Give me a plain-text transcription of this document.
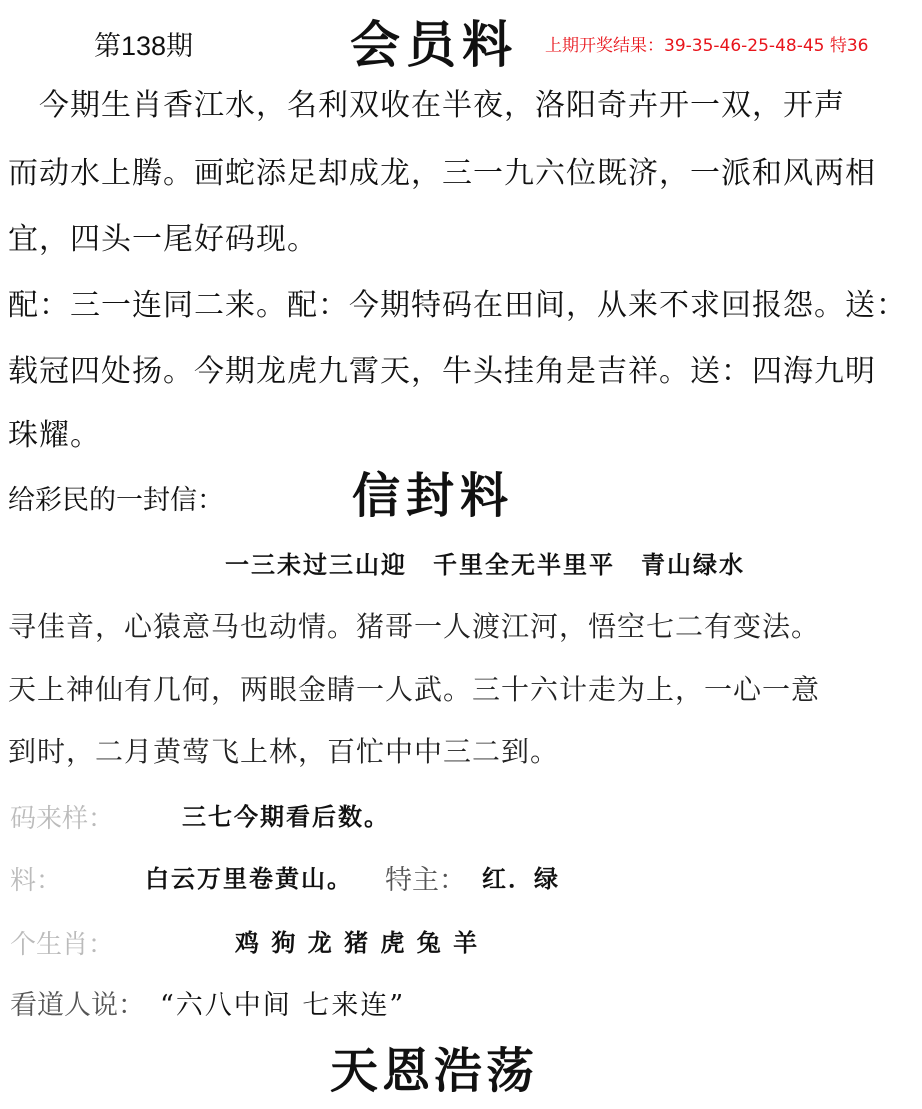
第138期	会员料 上期开奖结果：39-35-46-25-48-45 特36
　今期生肖香江水，名利双收在半夜，洛阳奇卉开一双，开声
而动水上腾。画蛇添足却成龙，三一九六位既济，一派和风两相
宜，四头一尾好码现。
配：三一连同二来。配：今期特码在田间，从来不求回报怨。送：
载冠四处扬。今期龙虎九霄天，牛头挂角是吉祥。送：四海九明
珠耀。
给彩民的一封信：	信封料
一三未过三山迎　千里全无半里平　青山绿水
寻佳音，心猿意马也动情。猪哥一人渡江河，悟空七二有变法。
天上神仙有几何，两眼金睛一人武。三十六计走为上，一心一意
到时，二月黄莺飞上林，百忙中中三二到。
码来样：	三七今期看后数。
料：	白云万里卷黄山。 特主： 红．绿
个生肖：	鸡 狗 龙 猪 虎 兔 羊
看道人说： “六八中间 七来连”
天恩浩荡
